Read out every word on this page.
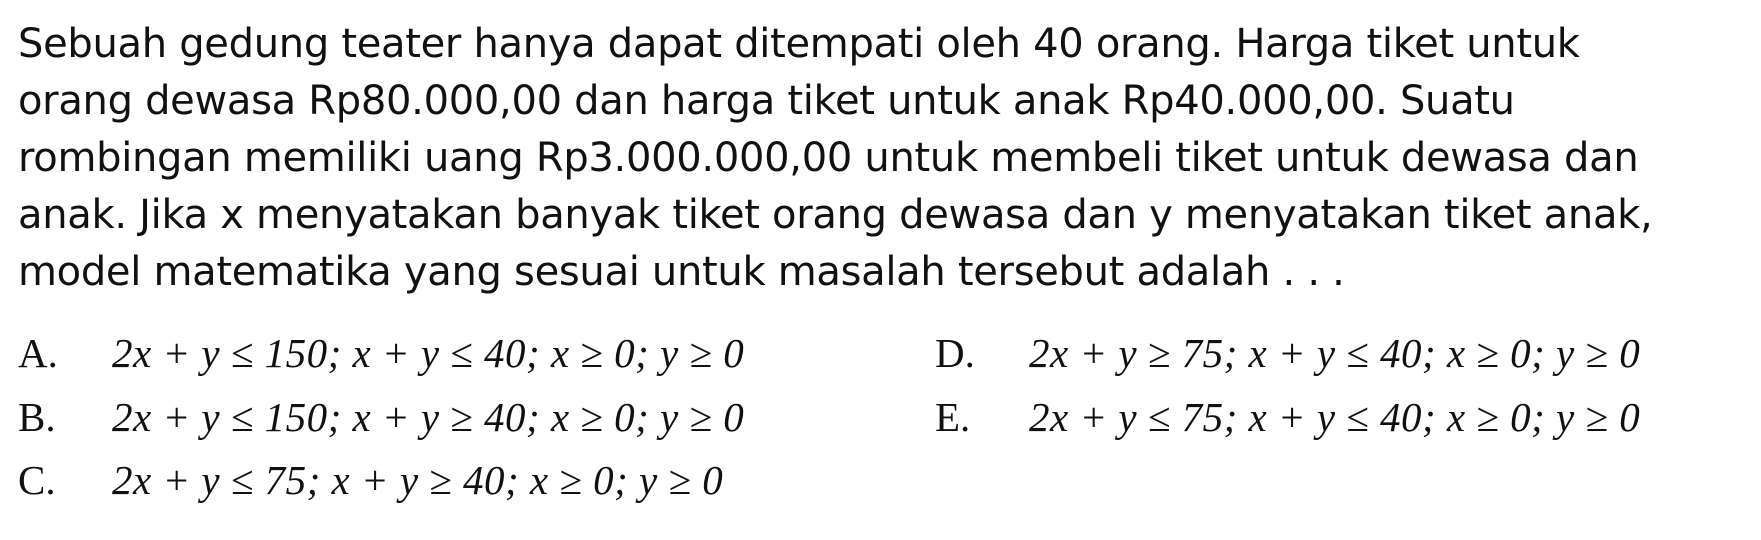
Sebuah gedung teater hanya dapat ditempati oleh 40 orang. Harga tiket untuk
orang dewasa Rp80.000,00 dan harga tiket untuk anak Rp40.000,00. Suatu
rombingan memiliki uang Rp3.000.000,00 untuk membeli tiket untuk dewasa dan
anak. Jika x menyatakan banyak tiket orang dewasa dan y menyatakan tiket anak,
model matematika yang sesuai untuk masalah tersebut adalah . . .
A. 2x + y ≤ 150; x + y ≤ 40; x ≥ 0; y ≥ 0
B. 2x + y ≤ 150; x + y ≥ 40; x ≥ 0; y ≥ 0
C. 2x + y ≤ 75; x + y ≥ 40; x ≥ 0; y ≥ 0
D. 2x + y ≥ 75; x + y ≤ 40; x ≥ 0; y ≥ 0
E. 2x + y ≤ 75; x + y ≤ 40; x ≥ 0; y ≥ 0
